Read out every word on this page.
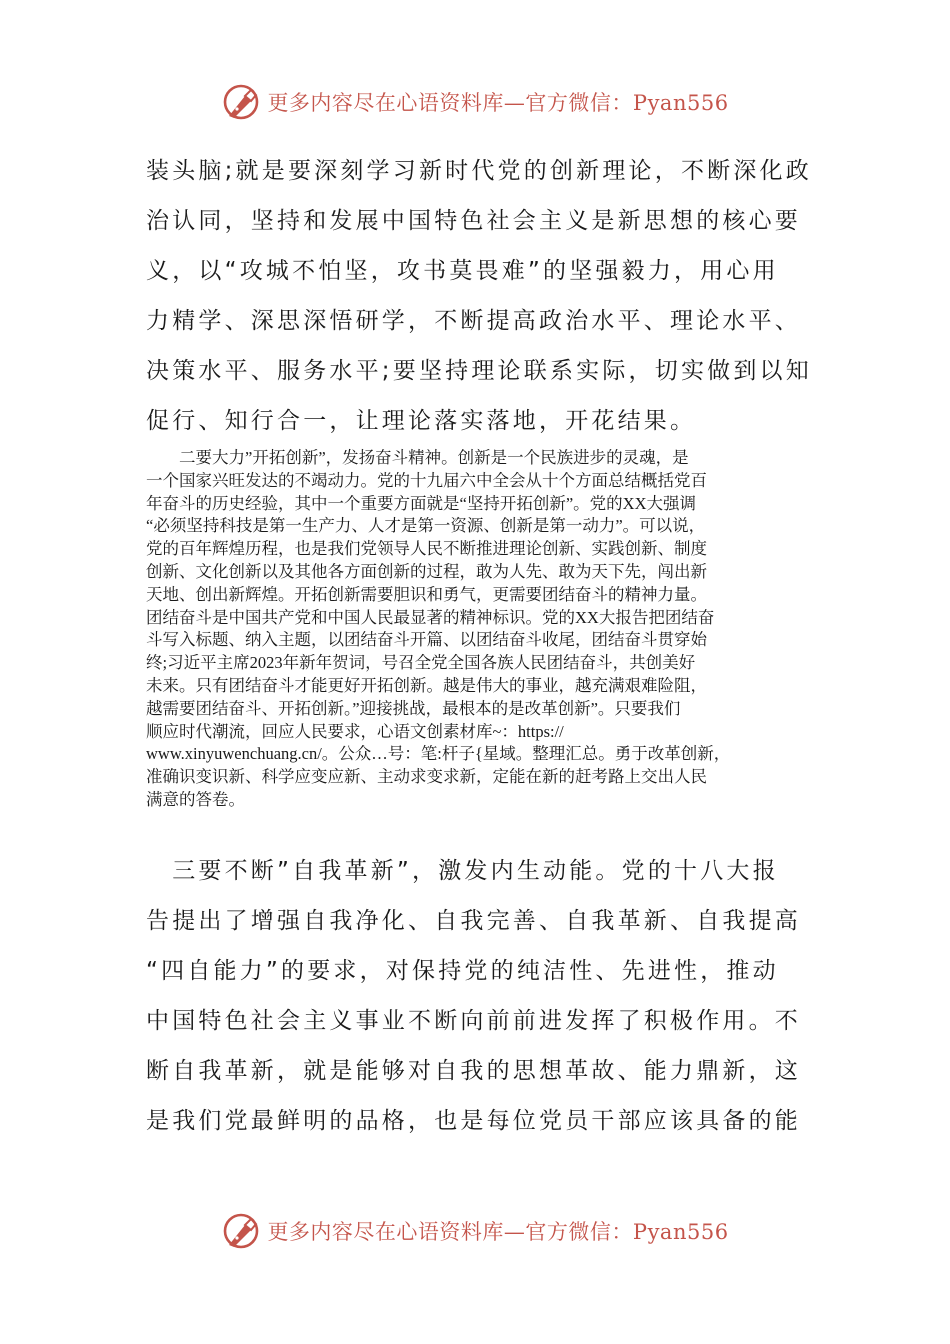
更多内容尽在心语资料库—官方微信：Pyan556
装头脑;就是要深刻学习新时代党的创新理论，不断深化政
治认同，坚持和发展中国特色社会主义是新思想的核心要
义，以“攻城不怕坚，攻书莫畏难”的坚强毅力，用心用
力精学、深思深悟研学，不断提高政治水平、理论水平、
决策水平、服务水平;要坚持理论联系实际，切实做到以知
促行、知行合一，让理论落实落地，开花结果。
　　二要大力”开拓创新”，发扬奋斗精神。创新是一个民族进步的灵魂，是
一个国家兴旺发达的不竭动力。党的十九届六中全会从十个方面总结概括党百
年奋斗的历史经验，其中一个重要方面就是“坚持开拓创新”。党的XX大强调
“必须坚持科技是第一生产力、人才是第一资源、创新是第一动力”。可以说，
党的百年辉煌历程，也是我们党领导人民不断推进理论创新、实践创新、制度
创新、文化创新以及其他各方面创新的过程，敢为人先、敢为天下先，闯出新
天地、创出新辉煌。开拓创新需要胆识和勇气，更需要团结奋斗的精神力量。
团结奋斗是中国共产党和中国人民最显著的精神标识。党的XX大报告把团结奋
斗写入标题、纳入主题，以团结奋斗开篇、以团结奋斗收尾，团结奋斗贯穿始
终;习近平主席2023年新年贺词，号召全党全国各族人民团结奋斗，共创美好
未来。只有团结奋斗才能更好开拓创新。越是伟大的事业，越充满艰难险阻，
越需要团结奋斗、开拓创新。”迎接挑战，最根本的是改革创新”。只要我们
顺应时代潮流，回应人民要求，心语文创素材库~：https://
www.xinyuwenchuang.cn/。公众…号：笔:杆子{星域。整理汇总。勇于改革创新，
准确识变识新、科学应变应新、主动求变求新，定能在新的赶考路上交出人民
满意的答卷。
　三要不断”自我革新”，激发内生动能。党的十八大报
告提出了增强自我净化、自我完善、自我革新、自我提高
“四自能力”的要求，对保持党的纯洁性、先进性，推动
中国特色社会主义事业不断向前前进发挥了积极作用。不
断自我革新，就是能够对自我的思想革故、能力鼎新，这
是我们党最鲜明的品格，也是每位党员干部应该具备的能
更多内容尽在心语资料库—官方微信：Pyan556
